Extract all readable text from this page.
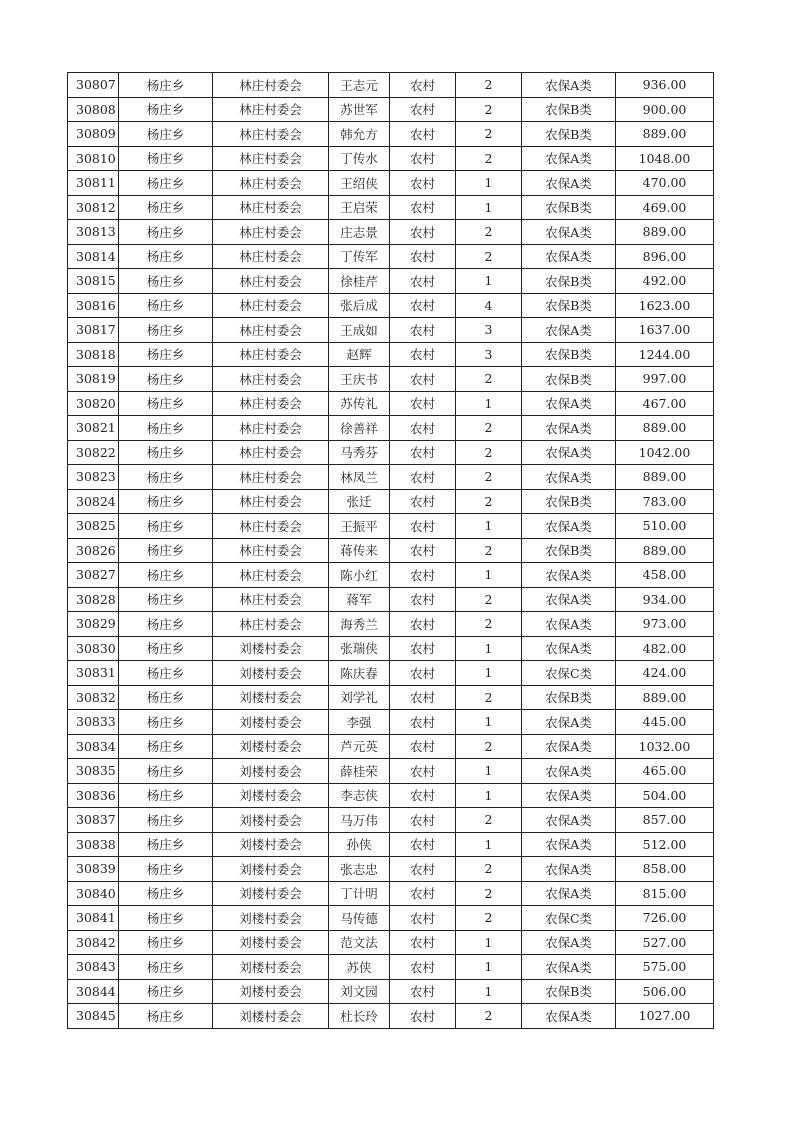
30807	杨庄乡	林庄村委会	王志元	农村	2	农保A类	936.00
30808	杨庄乡	林庄村委会	苏世军	农村	2	农保B类	900.00
30809	杨庄乡	林庄村委会	韩允方	农村	2	农保B类	889.00
30810	杨庄乡	林庄村委会	丁传水	农村	2	农保A类	1048.00
30811	杨庄乡	林庄村委会	王绍侠	农村	1	农保A类	470.00
30812	杨庄乡	林庄村委会	王启荣	农村	1	农保B类	469.00
30813	杨庄乡	林庄村委会	庄志景	农村	2	农保A类	889.00
30814	杨庄乡	林庄村委会	丁传军	农村	2	农保A类	896.00
30815	杨庄乡	林庄村委会	徐桂芹	农村	1	农保B类	492.00
30816	杨庄乡	林庄村委会	张后成	农村	4	农保B类	1623.00
30817	杨庄乡	林庄村委会	王成如	农村	3	农保A类	1637.00
30818	杨庄乡	林庄村委会	赵辉	农村	3	农保B类	1244.00
30819	杨庄乡	林庄村委会	王庆书	农村	2	农保B类	997.00
30820	杨庄乡	林庄村委会	苏传礼	农村	1	农保A类	467.00
30821	杨庄乡	林庄村委会	徐善祥	农村	2	农保A类	889.00
30822	杨庄乡	林庄村委会	马秀芬	农村	2	农保A类	1042.00
30823	杨庄乡	林庄村委会	林凤兰	农村	2	农保A类	889.00
30824	杨庄乡	林庄村委会	张迁	农村	2	农保B类	783.00
30825	杨庄乡	林庄村委会	王振平	农村	1	农保A类	510.00
30826	杨庄乡	林庄村委会	蒋传来	农村	2	农保B类	889.00
30827	杨庄乡	林庄村委会	陈小红	农村	1	农保A类	458.00
30828	杨庄乡	林庄村委会	蒋军	农村	2	农保A类	934.00
30829	杨庄乡	林庄村委会	海秀兰	农村	2	农保A类	973.00
30830	杨庄乡	刘楼村委会	张瑞侠	农村	1	农保A类	482.00
30831	杨庄乡	刘楼村委会	陈庆春	农村	1	农保C类	424.00
30832	杨庄乡	刘楼村委会	刘学礼	农村	2	农保B类	889.00
30833	杨庄乡	刘楼村委会	李强	农村	1	农保A类	445.00
30834	杨庄乡	刘楼村委会	芦元英	农村	2	农保A类	1032.00
30835	杨庄乡	刘楼村委会	薛桂荣	农村	1	农保A类	465.00
30836	杨庄乡	刘楼村委会	李志侠	农村	1	农保A类	504.00
30837	杨庄乡	刘楼村委会	马万伟	农村	2	农保A类	857.00
30838	杨庄乡	刘楼村委会	孙侠	农村	1	农保A类	512.00
30839	杨庄乡	刘楼村委会	张志忠	农村	2	农保A类	858.00
30840	杨庄乡	刘楼村委会	丁计明	农村	2	农保A类	815.00
30841	杨庄乡	刘楼村委会	马传德	农村	2	农保C类	726.00
30842	杨庄乡	刘楼村委会	范文法	农村	1	农保A类	527.00
30843	杨庄乡	刘楼村委会	苏侠	农村	1	农保A类	575.00
30844	杨庄乡	刘楼村委会	刘文园	农村	1	农保B类	506.00
30845	杨庄乡	刘楼村委会	杜长玲	农村	2	农保A类	1027.00
